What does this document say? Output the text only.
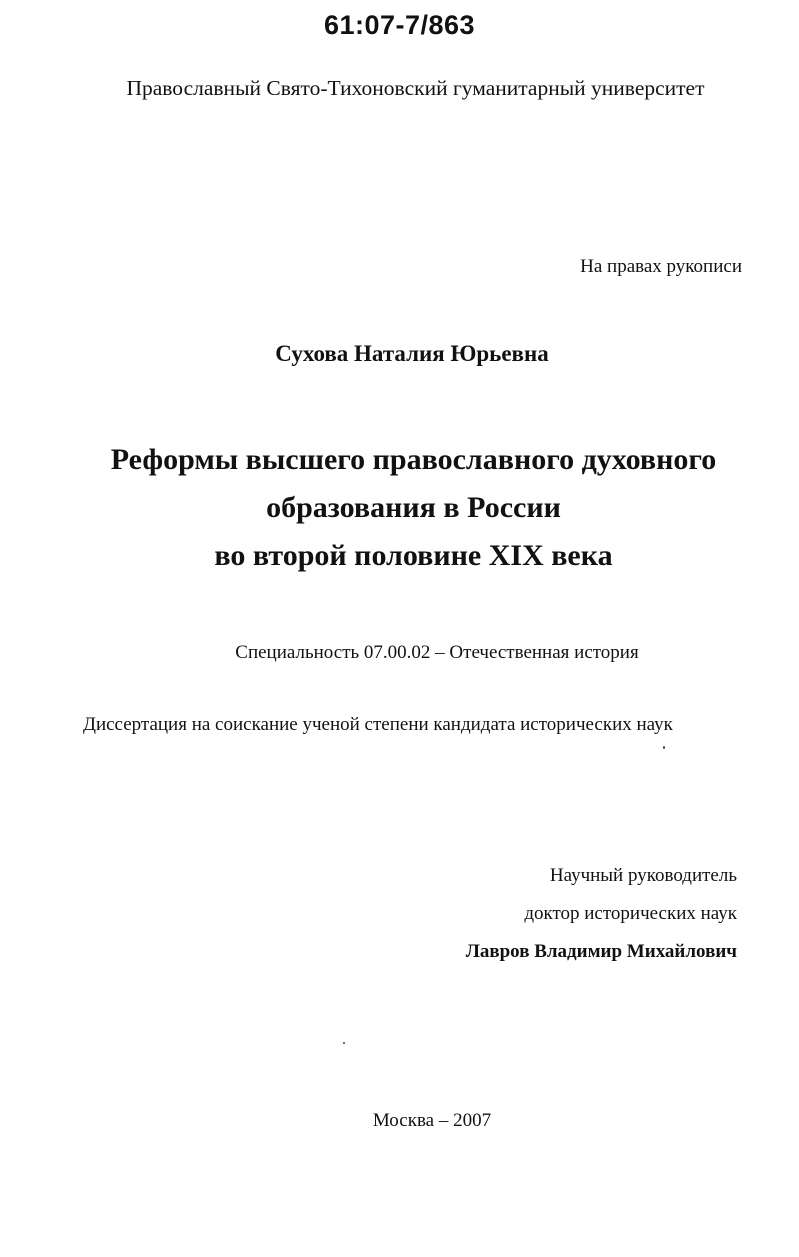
61:07-7/863
Православный Свято-Тихоновский гуманитарный университет
На правах рукописи
Сухова Наталия Юрьевна
Реформы высшего православного духовного
образования в России
во второй половине XIX века
Специальность 07.00.02 – Отечественная история
Диссертация на соискание ученой степени кандидата исторических наук
Научный руководитель
доктор исторических наук
Лавров Владимир Михайлович
Москва – 2007
